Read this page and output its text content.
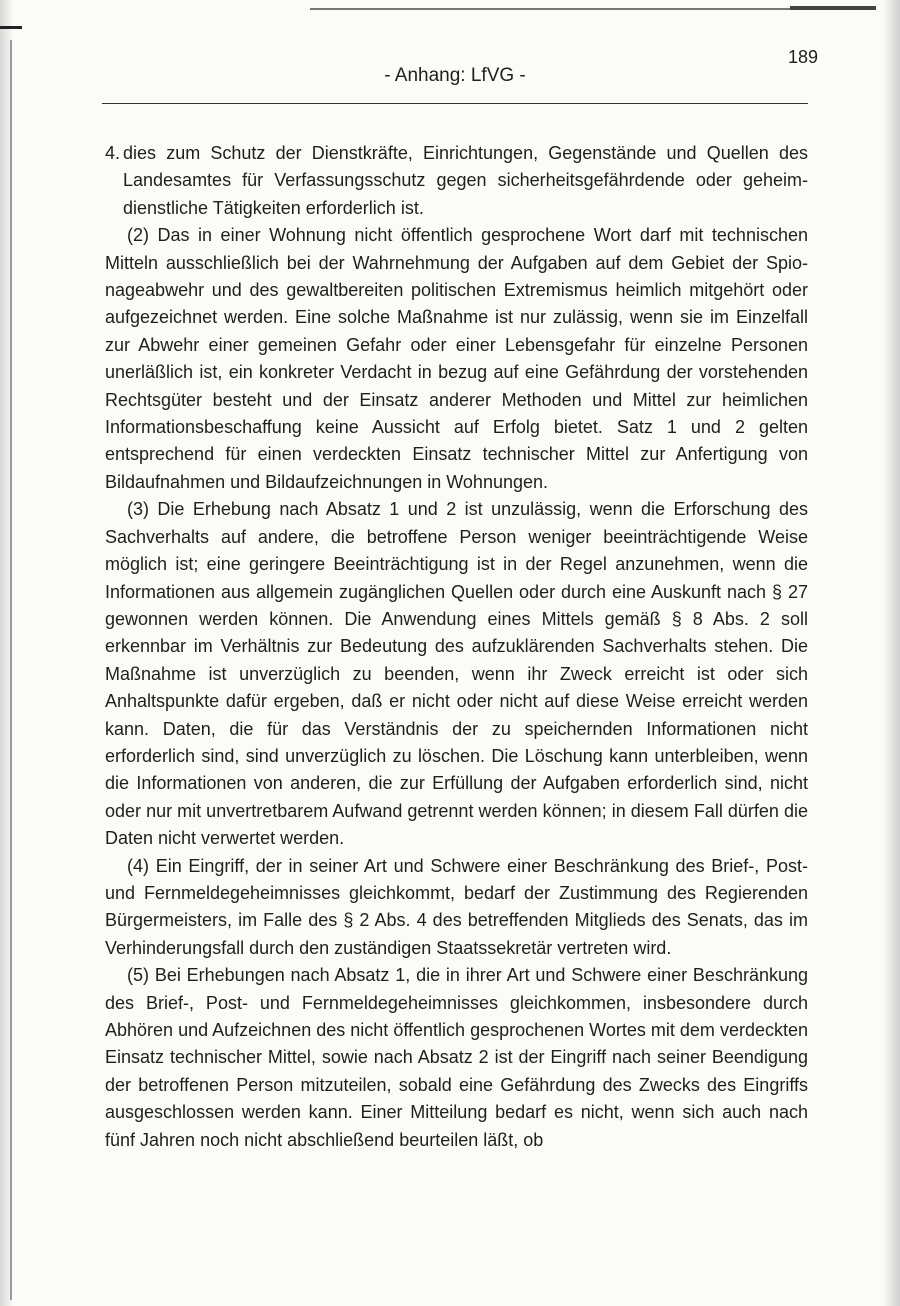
189
- Anhang: LfVG -
4. dies zum Schutz der Dienstkräfte, Einrichtungen, Gegenstände und Quellen des Landesamtes für Verfassungsschutz gegen sicherheitsgefährdende oder geheimdienstliche Tätigkeiten erforderlich ist.

(2) Das in einer Wohnung nicht öffentlich gesprochene Wort darf mit technischen Mitteln ausschließlich bei der Wahrnehmung der Aufgaben auf dem Gebiet der Spionageabwehr und des gewaltbereiten politischen Extremismus heimlich mitgehört oder aufgezeichnet werden. Eine solche Maßnahme ist nur zulässig, wenn sie im Einzelfall zur Abwehr einer gemeinen Gefahr oder einer Lebensgefahr für einzelne Personen unerläßlich ist, ein konkreter Verdacht in bezug auf eine Gefährdung der vorstehenden Rechtsgüter besteht und der Einsatz anderer Methoden und Mittel zur heimlichen Informationsbeschaffung keine Aussicht auf Erfolg bietet. Satz 1 und 2 gelten entsprechend für einen verdeckten Einsatz technischer Mittel zur Anfertigung von Bildaufnahmen und Bildaufzeichnungen in Wohnungen.

(3) Die Erhebung nach Absatz 1 und 2 ist unzulässig, wenn die Erforschung des Sachverhalts auf andere, die betroffene Person weniger beeinträchtigende Weise möglich ist; eine geringere Beeinträchtigung ist in der Regel anzunehmen, wenn die Informationen aus allgemein zugänglichen Quellen oder durch eine Auskunft nach § 27 gewonnen werden können. Die Anwendung eines Mittels gemäß § 8 Abs. 2 soll erkennbar im Verhältnis zur Bedeutung des aufzuklärenden Sachverhalts stehen. Die Maßnahme ist unverzüglich zu beenden, wenn ihr Zweck erreicht ist oder sich Anhaltspunkte dafür ergeben, daß er nicht oder nicht auf diese Weise erreicht werden kann. Daten, die für das Verständnis der zu speichernden Informationen nicht erforderlich sind, sind unverzüglich zu löschen. Die Löschung kann unterbleiben, wenn die Informationen von anderen, die zur Erfüllung der Aufgaben erforderlich sind, nicht oder nur mit unvertretbarem Aufwand getrennt werden können; in diesem Fall dürfen die Daten nicht verwertet werden.

(4) Ein Eingriff, der in seiner Art und Schwere einer Beschränkung des Brief-, Post- und Fernmeldegeheimnisses gleichkommt, bedarf der Zustimmung des Regierenden Bürgermeisters, im Falle des § 2 Abs. 4 des betreffenden Mitglieds des Senats, das im Verhinderungsfall durch den zuständigen Staatssekretär vertreten wird.

(5) Bei Erhebungen nach Absatz 1, die in ihrer Art und Schwere einer Beschränkung des Brief-, Post- und Fernmeldegeheimnisses gleichkommen, insbesondere durch Abhören und Aufzeichnen des nicht öffentlich gesprochenen Wortes mit dem verdeckten Einsatz technischer Mittel, sowie nach Absatz 2 ist der Eingriff nach seiner Beendigung der betroffenen Person mitzuteilen, sobald eine Gefährdung des Zwecks des Eingriffs ausgeschlossen werden kann. Einer Mitteilung bedarf es nicht, wenn sich auch nach fünf Jahren noch nicht abschließend beurteilen läßt, ob
